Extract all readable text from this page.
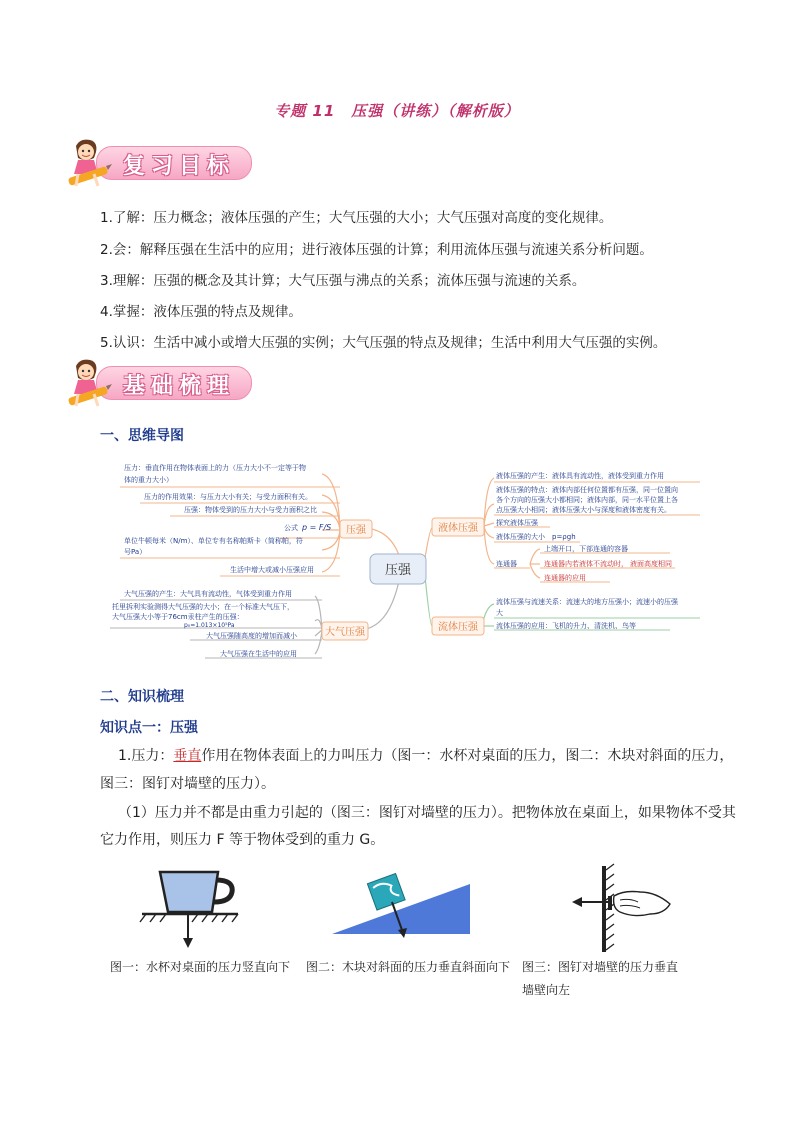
专题 11　压强（讲练）（解析版）
复习目标
1.了解：压力概念；液体压强的产生；大气压强的大小；大气压强对高度的变化规律。
2.会：解释压强在生活中的应用；进行液体压强的计算；利用流体压强与流速关系分析问题。
3.理解：压强的概念及其计算；大气压强与沸点的关系；流体压强与流速的关系。
4.掌握：液体压强的特点及规律。
5.认识：生活中减小或增大压强的实例；大气压强的特点及规律；生活中利用大气压强的实例。
基础梳理
一、思维导图
压强
压强	液体压强
大气压强	流体压强
压力：垂直作用在物体表面上的力（压力大小不一定等于物
体的重力大小）
压力的作用效果：与压力大小有关；与受力面积有关。
压强：物体受到的压力大小与受力面积之比
公式 p = F/S
单位牛顿每米（N/m）、单位专有名称帕斯卡（简称帕，符
号Pa）
生活中增大或减小压强应用
液体压强的产生：液体具有流动性，液体受到重力作用
液体压强的特点：液体内部任何位置都有压强，同一位置向
各个方向的压强大小都相同；液体内部，同一水平位置上各
点压强大小相同；液体压强大小与深度和液体密度有关。
探究液体压强
液体压强的大小　p=ρgh
连通器
上端开口，下部连通的容器
连通器内若液体不流动时， 液面高度相同
连通器的应用
大气压强的产生：大气具有流动性，气体受到重力作用
托里拆利实验测得大气压强的大小；在一个标准大气压下，
大气压强大小等于76cm汞柱产生的压强：
p₀=1.013×10⁵Pa
大气压强随高度的增加而减小
大气压强在生活中的应用
流体压强与流速关系：流速大的地方压强小；流速小的压强
大
流体压强的应用：飞机的升力、清洗机、鸟等
二、知识梳理
知识点一：压强
1.压力：垂直作用在物体表面上的力叫压力（图一：水杯对桌面的压力，图二：木块对斜面的压力，
图三：图钉对墙壁的压力）。
（1）压力并不都是由重力引起的（图三：图钉对墙壁的压力）。把物体放在桌面上，如果物体不受其
它力作用，则压力 F 等于物体受到的重力 G。
图一：水杯对桌面的压力竖直向下 图二：木块对斜面的压力垂直斜面向下 图三：图钉对墙壁的压力垂直
墙壁向左
